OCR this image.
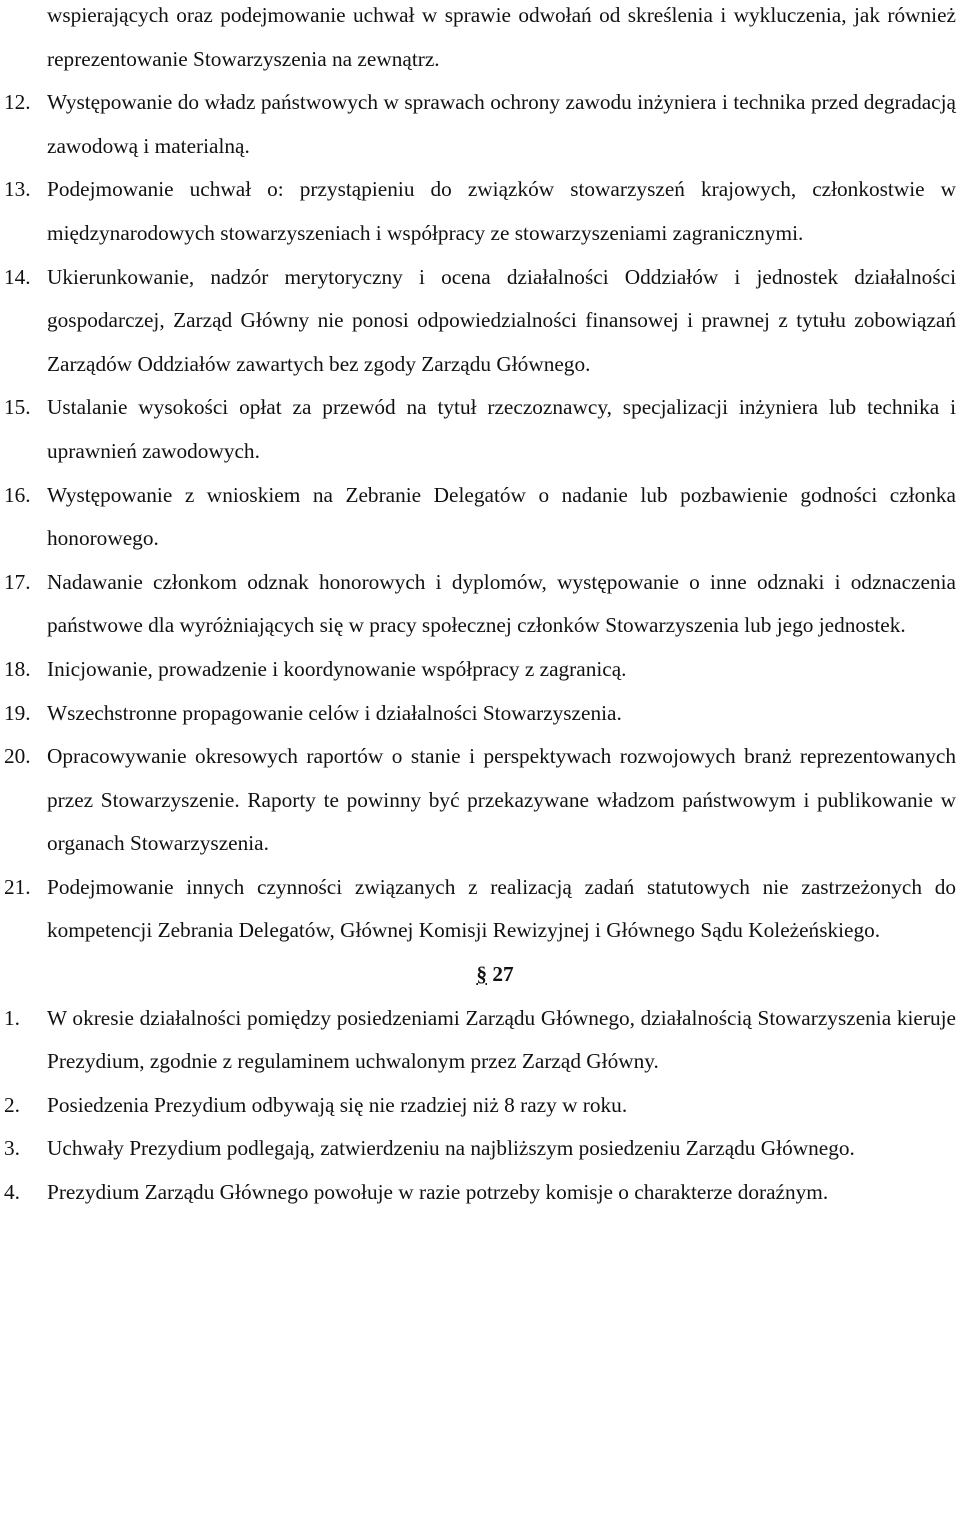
wspierających oraz podejmowanie uchwał w sprawie odwołań od skreślenia i wykluczenia, jak również reprezentowanie Stowarzyszenia na zewnątrz.
12. Występowanie do władz państwowych w sprawach ochrony zawodu inżyniera i technika przed degradacją zawodową i materialną.
13. Podejmowanie uchwał o: przystąpieniu do związków stowarzyszeń krajowych, członkostwie w międzynarodowych stowarzyszeniach i współpracy ze stowarzyszeniami zagranicznymi.
14. Ukierunkowanie, nadzór merytoryczny i ocena działalności Oddziałów i jednostek działalności gospodarczej, Zarząd Główny nie ponosi odpowiedzialności finansowej i prawnej z tytułu zobowiązań Zarządów Oddziałów zawartych bez zgody Zarządu Głównego.
15. Ustalanie wysokości opłat za przewód na tytuł rzeczoznawcy, specjalizacji inżyniera lub technika i uprawnień zawodowych.
16. Występowanie z wnioskiem na Zebranie Delegatów o nadanie lub pozbawienie godności członka honorowego.
17. Nadawanie członkom odznak honorowych i dyplomów, występowanie o inne odznaki i odznaczenia państwowe dla wyróżniających się w pracy społecznej członków Stowarzyszenia lub jego jednostek.
18. Inicjowanie, prowadzenie i koordynowanie współpracy z zagranicą.
19. Wszechstronne propagowanie celów i działalności Stowarzyszenia.
20. Opracowywanie okresowych raportów o stanie i perspektywach rozwojowych branż reprezentowanych przez Stowarzyszenie. Raporty te powinny być przekazywane władzom państwowym i publikowanie w organach Stowarzyszenia.
21. Podejmowanie innych czynności związanych z realizacją zadań statutowych nie zastrzeżonych do kompetencji Zebrania Delegatów, Głównej Komisji Rewizyjnej i Głównego Sądu Koleżeńskiego.
§ 27
1. W okresie działalności pomiędzy posiedzeniami Zarządu Głównego, działalnością Stowarzyszenia kieruje Prezydium, zgodnie z regulaminem uchwalonym przez Zarząd Główny.
2. Posiedzenia Prezydium odbywają się nie rzadziej niż 8 razy w roku.
3. Uchwały Prezydium podlegają, zatwierdzeniu na najbliższym posiedzeniu Zarządu Głównego.
4. Prezydium Zarządu Głównego powołuje w razie potrzeby komisje o charakterze doraźnym.
